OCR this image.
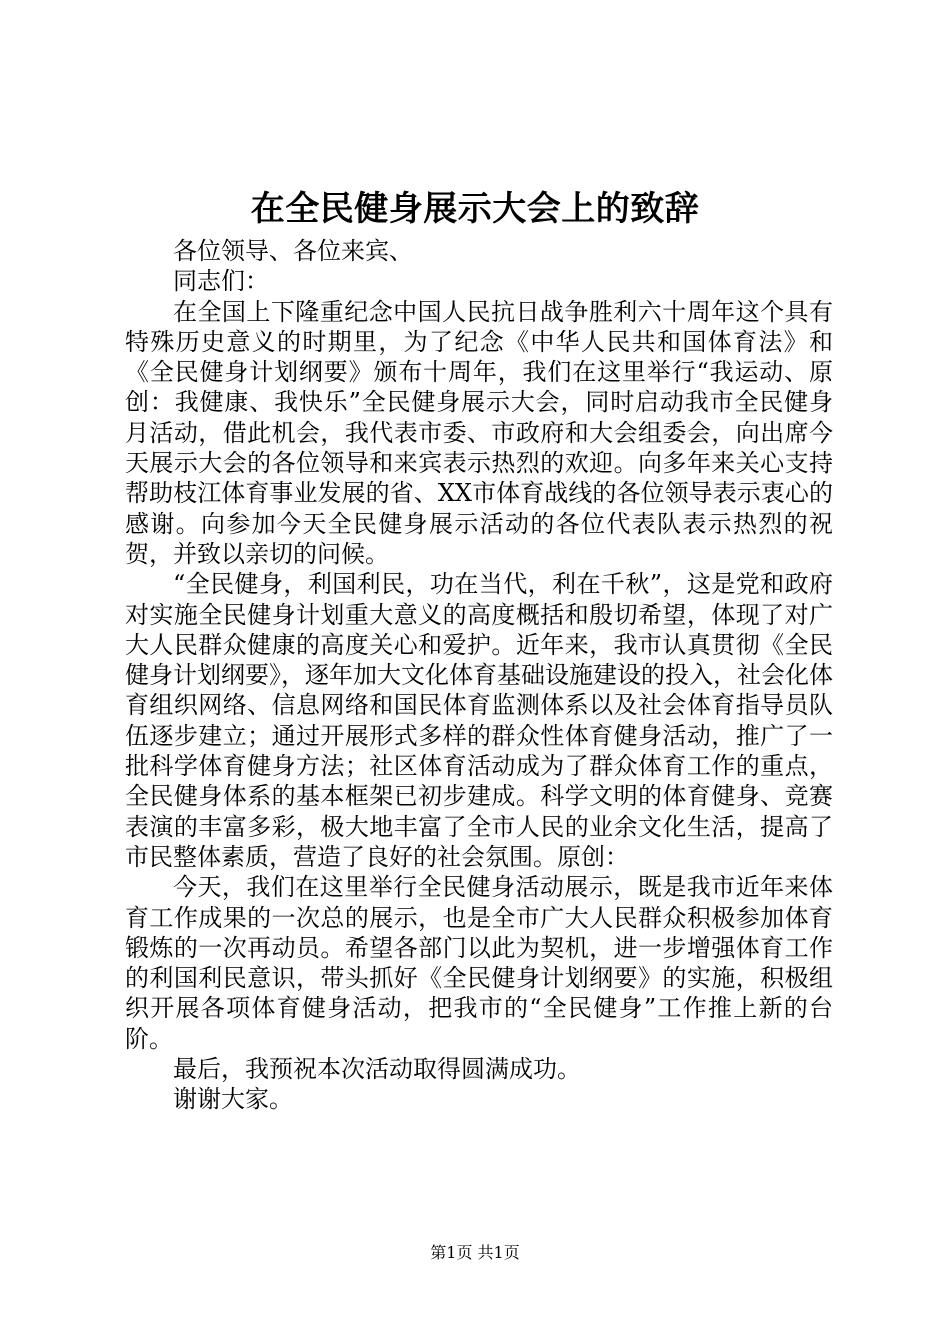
在全民健身展示大会上的致辞

各位领导、各位来宾、

同志们：

在全国上下隆重纪念中国人民抗日战争胜利六十周年这个具有特殊历史意义的时期里，为了纪念《中华人民共和国体育法》和《全民健身计划纲要》颁布十周年，我们在这里举行“我运动、原创：我健康、我快乐”全民健身展示大会，同时启动我市全民健身月活动，借此机会，我代表市委、市政府和大会组委会，向出席今天展示大会的各位领导和来宾表示热烈的欢迎。向多年来关心支持帮助枝江体育事业发展的省、XX市体育战线的各位领导表示衷心的感谢。向参加今天全民健身展示活动的各位代表队表示热烈的祝贺，并致以亲切的问候。

“全民健身，利国利民，功在当代，利在千秋”，这是党和政府对实施全民健身计划重大意义的高度概括和殷切希望，体现了对广大人民群众健康的高度关心和爱护。近年来，我市认真贯彻《全民健身计划纲要》，逐年加大文化体育基础设施建设的投入，社会化体育组织网络、信息网络和国民体育监测体系以及社会体育指导员队伍逐步建立；通过开展形式多样的群众性体育健身活动，推广了一批科学体育健身方法；社区体育活动成为了群众体育工作的重点，全民健身体系的基本框架已初步建成。科学文明的体育健身、竞赛表演的丰富多彩，极大地丰富了全市人民的业余文化生活，提高了市民整体素质，营造了良好的社会氛围。原创：

今天，我们在这里举行全民健身活动展示，既是我市近年来体育工作成果的一次总的展示，也是全市广大人民群众积极参加体育锻炼的一次再动员。希望各部门以此为契机，进一步增强体育工作的利国利民意识，带头抓好《全民健身计划纲要》的实施，积极组织开展各项体育健身活动，把我市的“全民健身”工作推上新的台阶。

最后，我预祝本次活动取得圆满成功。

谢谢大家。

第1页 共1页
